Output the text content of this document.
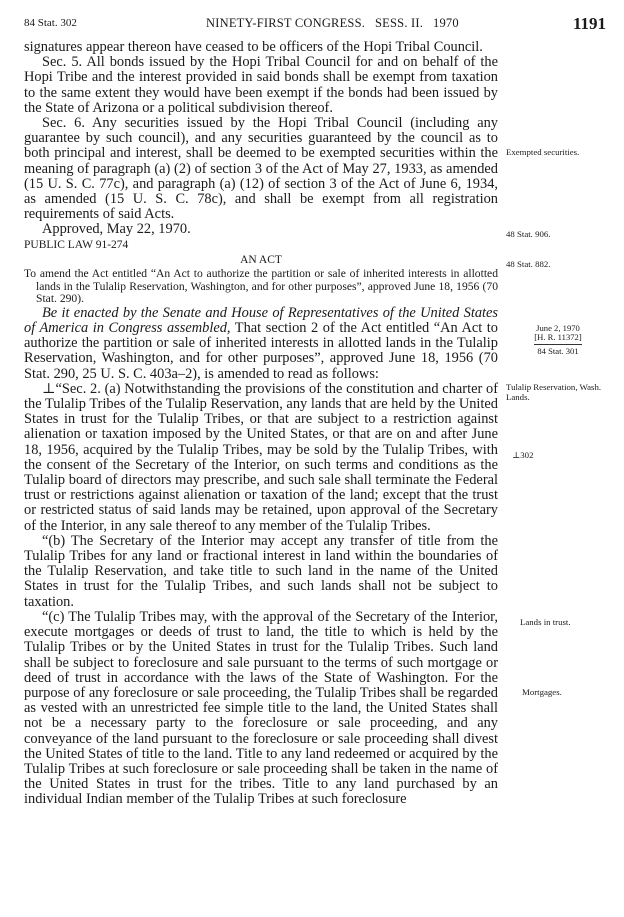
84 Stat. 302	NINETY-FIRST CONGRESS.   SESS. II.   1970	1191

signatures appear thereon have ceased to be officers of the Hopi Tribal Council.

Sec. 5. All bonds issued by the Hopi Tribal Council for and on behalf of the Hopi Tribe and the interest provided in said bonds shall be exempt from taxation to the same extent they would have been exempt if the bonds had been issued by the State of Arizona or a political subdivision thereof.

Sec. 6. Any securities issued by the Hopi Tribal Council (including any guarantee by such council), and any securities guaranteed by the council as to both principal and interest, shall be deemed to be exempted securities within the meaning of paragraph (a) (2) of section 3 of the Act of May 27, 1933, as amended (15 U. S. C. 77c), and paragraph (a) (12) of section 3 of the Act of June 6, 1934, as amended (15 U. S. C. 78c), and shall be exempt from all registration requirements of said Acts.

Approved, May 22, 1970.

PUBLIC LAW 91-274

AN ACT

To amend the Act entitled “An Act to authorize the partition or sale of inherited interests in allotted lands in the Tulalip Reservation, Washington, and for other purposes”, approved June 18, 1956 (70 Stat. 290).

Be it enacted by the Senate and House of Representatives of the United States of America in Congress assembled, That section 2 of the Act entitled “An Act to authorize the partition or sale of inherited interests in allotted lands in the Tulalip Reservation, Washington, and for other purposes”, approved June 18, 1956 (70 Stat. 290, 25 U. S. C. 403a–2), is amended to read as follows:

⊥“Sec. 2. (a) Notwithstanding the provisions of the constitution and charter of the Tulalip Tribes of the Tulalip Reservation, any lands that are held by the United States in trust for the Tulalip Tribes, or that are subject to a restriction against alienation or taxation imposed by the United States, or that are on and after June 18, 1956, acquired by the Tulalip Tribes, may be sold by the Tulalip Tribes, with the consent of the Secretary of the Interior, on such terms and conditions as the Tulalip board of directors may prescribe, and such sale shall terminate the Federal trust or restrictions against alienation or taxation of the land; except that the trust or restricted status of said lands may be retained, upon approval of the Secretary of the Interior, in any sale thereof to any member of the Tulalip Tribes.

“(b) The Secretary of the Interior may accept any transfer of title from the Tulalip Tribes for any land or fractional interest in land within the boundaries of the Tulalip Reservation, and take title to such land in the name of the United States in trust for the Tulalip Tribes, and such lands shall not be subject to taxation.

“(c) The Tulalip Tribes may, with the approval of the Secretary of the Interior, execute mortgages or deeds of trust to land, the title to which is held by the Tulalip Tribes or by the United States in trust for the Tulalip Tribes. Such land shall be subject to foreclosure and sale pursuant to the terms of such mortgage or deed of trust in accordance with the laws of the State of Washington. For the purpose of any foreclosure or sale proceeding, the Tulalip Tribes shall be regarded as vested with an unrestricted fee simple title to the land, the United States shall not be a necessary party to the foreclosure or sale proceeding, and any conveyance of the land pursuant to the foreclosure or sale proceeding shall divest the United States of title to the land. Title to any land redeemed or acquired by the Tulalip Tribes at such foreclosure or sale proceeding shall be taken in the name of the United States in trust for the tribes. Title to any land purchased by an individual Indian member of the Tulalip Tribes at such foreclosure

Exempted securities.
48 Stat. 906.
48 Stat. 882.
June 2, 1970
[H. R. 11372]
84 Stat. 301
Tulalip Reservation, Wash. Lands.
⊥302
Lands in trust.
Mortgages.
